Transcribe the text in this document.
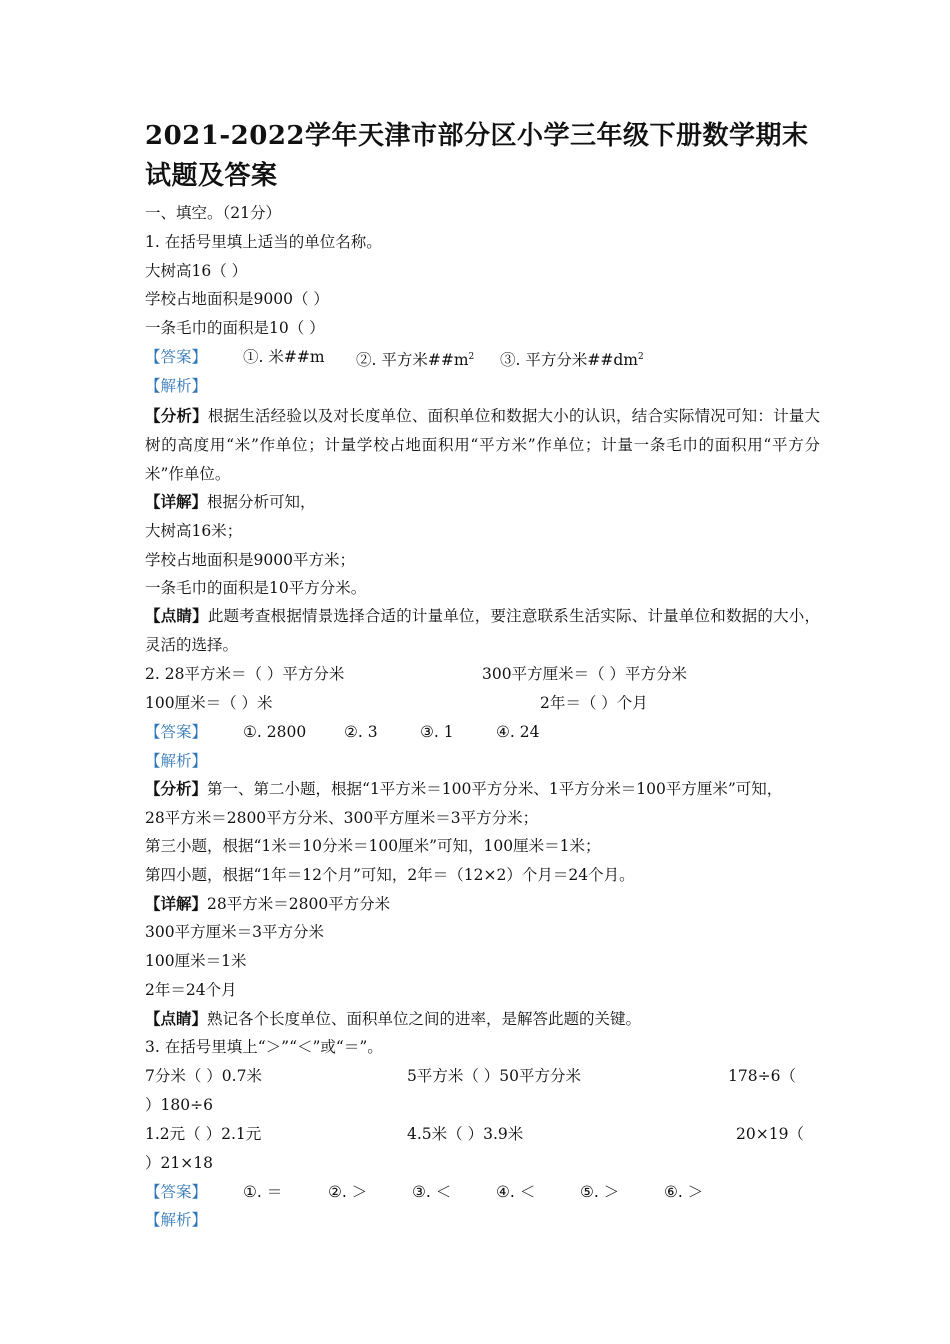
2021-2022学年天津市部分区小学三年级下册数学期末试题及答案
一、填空。（21分）
1. 在括号里填上适当的单位名称。
大树高16（ ）
学校占地面积是9000（ ）
一条毛巾的面积是10（ ）
【答案】 ①. 米##m ②. 平方米$\#\#m^2$ ③. 平方分米$\#\#dm^2$
【解析】
【分析】根据生活经验以及对长度单位、面积单位和数据大小的认识，结合实际情况可知：计量大树的高度用“米”作单位；计量学校占地面积用“平方米”作单位；计量一条毛巾的面积用“平方分米”作单位。
【详解】根据分析可知，
大树高16米；
学校占地面积是9000平方米；
一条毛巾的面积是10平方分米。
【点睛】此题考查根据情景选择合适的计量单位，要注意联系生活实际、计量单位和数据的大小，灵活的选择。
2. 28平方米＝（ ）平方分米	300平方厘米＝（ ）平方分米
100厘米＝（ ）米	2年＝（ ）个月
【答案】 ①. 2800 ②. 3	③. 1	④. 24
【解析】
【分析】第一、第二小题，根据“1平方米＝100平方分米、1平方分米＝100平方厘米”可知，
28平方米＝2800平方分米、300平方厘米＝3平方分米；
第三小题，根据“1米＝10分米＝100厘米”可知，100厘米＝1米；
第四小题，根据“1年＝12个月”可知，2年＝（12×2）个月＝24个月。
【详解】28平方米＝2800平方分米
300平方厘米＝3平方分米
100厘米＝1米
2年＝24个月
【点睛】熟记各个长度单位、面积单位之间的进率，是解答此题的关键。
3. 在括号里填上“＞”“＜”或“＝”。
7分米（ ）0.7米	5平方米（ ）50平方分米	178÷6（
）180÷6
1.2元（ ）2.1元	4.5米（ ）3.9米	20×19（
）21×18
【答案】 ①. ＝	②. ＞	③. ＜	④. ＜	⑤. ＞	⑥. ＞
【解析】
